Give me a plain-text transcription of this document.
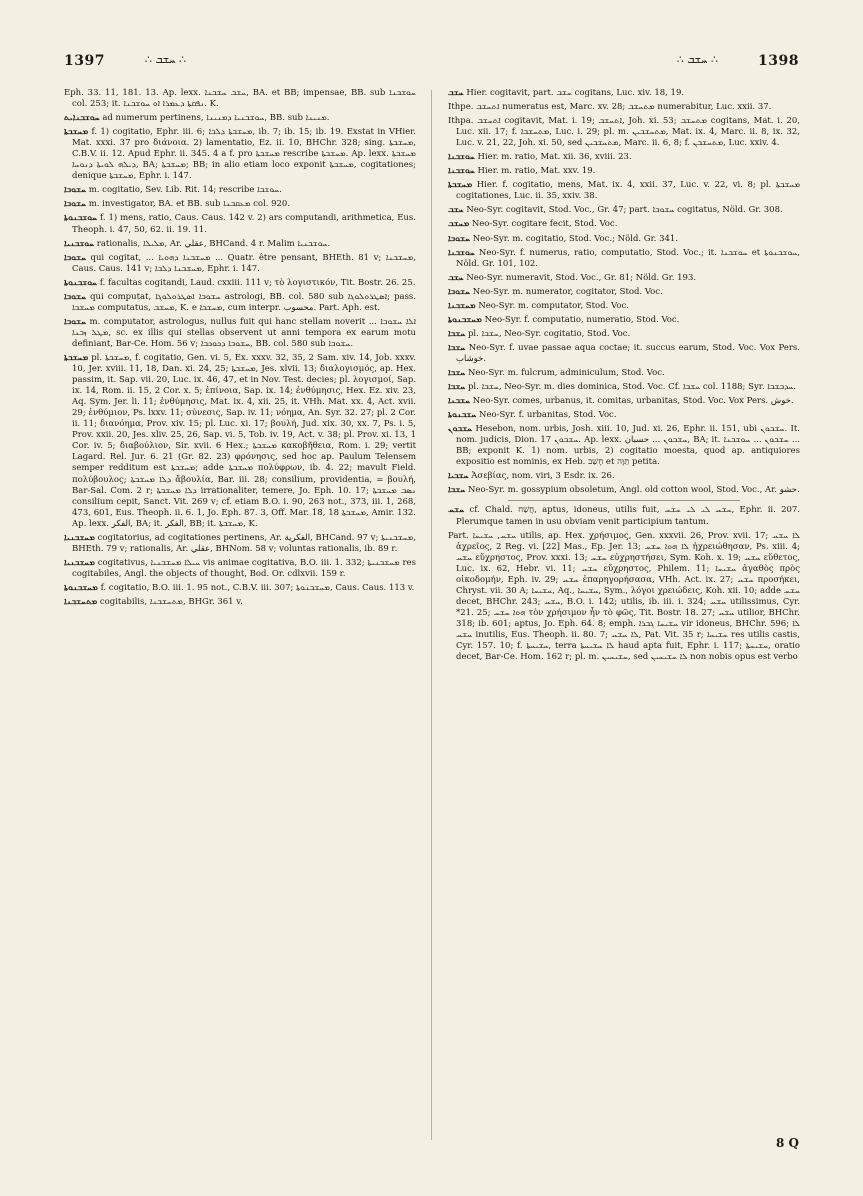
1397	∴ ܚܫܒ ∴	∴ ܚܫܒ ∴	1398

Eph. 33. 11, 181. 13. Ap. lexx. ܚܫܒ ܚܫܒܢܐ, BA. et BB; impensae, BB. sub ܚܘܫܒܢܐ col. 253; it. ܢܦܩܬܐ ܕܥܡܪܐ ܐܘ ܚܘܫܒܢܐ. K.

ܚܘܫܒܢܐܝܬ ad numerum pertinens, ܚܘܫܒܢܝܐ ܕܡܢܝܢܐ, BB. sub ܡܢܝܢܐ.

ܡܚܫܒܬܐ f. 1) cogitatio, Ephr. iii. 6; ܡܚܫܒܬܐ ܕܠܒܐ, ib. 7; ib. 15; ib. 19. Exstat in VHier. Mat. xxxi. 37 pro διάνοια. 2) lamentatio, Ez. ii. 10, BHChr. 328; sing. ܡܚܫܒܬܐ, C.B.V. ii. 12. Apud Ephr. ii. 345. 4 a f. pro ܡܚܫܒܬܐ rescribe ܡܚܫܒܬܐ. Ap. lexx. ܡܚܫܒܬܐ ܕܝܠܗ ܠܘܝܬܐ ܕܢܘܚܐ, BA; ܡܚܫܒܬܐ; BB; in alio etiam loco exponit ܡܚܫܒܬܐ, cogitationes; denique ܡܚܫܒܬܐ, Ephr. i. 147.

ܚܫܘܒܐ m. cogitatio, Sev. Lib. Rit. 14; rescribe ܚܘܫܒܐ.

ܚܫܘܒܐ m. investigator, BA. et BB. sub ܡܥܩܒܢܐ col. 920.

ܚܘܫܒܢܘܬܐ f. 1) mens, ratio, Caus. Caus. 142 v. 2) ars computandi, arithmetica, Eus. Theoph. i. 47, 50, 62. ii. 19. 11.

ܚܘܫܒܢܝܐ rationalis, ܡܠܝܠܐ, Ar. عقلي, BHCand. 4 r. Malim ܚܘܫܒܢܝܐ.

ܚܫܘܒܐ qui cogitat, ... ܡܚܫܒܢܐ ܕܗܘܝܐ ... Quatr. être pensant, BHEth. 81 v; ܡܚܫܒܢܐ, Caus. Caus. 141 v; ܡܚܫܒܢܐ ܕܠܒܐ, Ephr. i. 147.

ܚܘܫܒܢܘܬܐ f. facultas cogitandi, Laud. cxxiii. 111 v; τὸ λογιστικόν, Tit. Bostr. 26. 25.

ܚܫܘܒܐ qui computat, ܚܫܘܒܐ ܐܣܛܪܘܠܘܓܐ astrologi, BB. col. 580 sub ܐܣܛܪܘܠܘܓܐ; pass. ܡܚܫܒܐ computatus, ܡܚܫܒ, K. e ܡܚܫܒܐ, cum interpr. محسوب. Part. Aph. est.

ܚܫܘܒܐ m. computator, astrologus, nullus fuit qui hanc stellam noverit ܐܠܐ ܚܫܘܒܐ ... ܡܛܠ ܙܒܢܐ, sc. ex illis qui stellas observent ut anni tempora ex earum motu definiant, Bar-Ce. Hom. 56 v; ܚܫܘܒܐ ܕܟܘܟܒܐ, BB. col. 580 sub ܚܫܘܒܐ.

ܡܚܫܒܬܐ pl. ܡܚܫܒܬܐ, f. cogitatio, Gen. vi. 5, Ex. xxxv. 32, 35, 2 Sam. xiv. 14, Job. xxxv. 10, Jer. xviii. 11, 18, Dan. xi. 24, 25; ܡܚܫܒܬܐ, Jes. xlvii. 13; διαλογισμός, ap. Hex. passim, it. Sap. vii. 20, Luc. ix. 46, 47, et in Nov. Test. decies; pl. λογισμοί, Sap. ix. 14, Rom. ii. 15, 2 Cor. x. 5; ἐπίνοια, Sap. ix. 14; ἐνθύμησις, Hex. Ez. xiv. 23, Aq. Sym. Jer. li. 11; ἐνθύμησις, Mat. ix. 4, xii. 25, it. VHh. Mat. xx. 4, Act. xvii. 29; ἐνθύμιον, Ps. lxxv. 11; σύνεσις, Sap. iv. 11; νόημα, An. Syr. 32. 27; pl. 2 Cor. ii. 11; διανόημα, Prov. xiv. 15; pl. Luc. xi. 17; βουλή, Jud. xix. 30, xx. 7, Ps. i. 5, Prov. xxii. 20, Jes. xliv. 25, 26, Sap. vi. 5, Tob. iv. 19, Act. v. 38; pl. Prov. xi. 13, 1 Cor. iv. 5; διαβούλιον, Sir. xvii. 6 Hex.; ܡܚܫܒܬܐ κακοβῆθεια, Rom. i. 29; vertit Lagard. Rel. Jur. 6. 21 (Gr. 82. 23) φρόνησις, sed hoc ap. Paulum Telensem semper redditum est ܡܚܫܒܬܐ; adde ܡܚܫܒܬܐ πολύφρων, ib. 4. 22; mavult Field. πολύβουλος; ܕܠܐ ܡܚܫܒܬܐ ἄβουλία, Bar. iii. 28; consilium, providentia, = βουλή, Bar-Sal. Com. 2 r; ܕܠܐ ܡܚܫܒܬܐ irrationaliter, temere, Jo. Eph. 10. 17; ܢܣܒ ܡܚܫܒܬܐ consilium cepit, Sanct. Vit. 269 v; cf. etiam B.O. i. 90, 263 not., 373, iii. 1, 268, 473, 601, Eus. Theoph. ii. 6. 1, Jo. Eph. 87. 3, Off. Mar. 18, ܡܚܫܒܬܐ 18, Amir. 132. Ap. lexx. الفكر, BA; it. الفكر, BB; it. ܡܚܫܒܬܐ, K.

ܡܚܫܒܢܝܐ cogitatorius, ad cogitationes pertinens, Ar. الفكرية, BHCand. 97 v; ܡܚܫܒܢܝܬܐ, BHEth. 79 v; rationalis, Ar. عقلي, BHNom. 58 v; voluntas rationalis, ib. 89 r.

ܡܚܫܒܢܝܐ cogitativus, ܚܝܠܐ ܡܚܫܒܢܝܐ vis animae cogitativa, B.O. iii. 1. 332; ܡܚܫܒܢܝܬܐ res cogitabiles, Angl. the objects of thought, Bod. Or. cdlxvii. 159 r.

ܡܚܫܒܢܘܬܐ f. cogitatio, B.O. iii. 1. 95 not., C.B.V. iii. 307; ܡܚܫܒܢܘܬܐ, Caus. Caus. 113 v.

ܡܬܚܫܒܢܐ cogitabilis, ܡܬܚܫܒܢܐ, BHGr. 361 v.

ܚܫܒ Hier. cogitavit, part. ܚܫܒ cogitans, Luc. xiv. 18, 19.

Ithpe. ܐܬܚܫܒ numeratus est, Marc. xv. 28; ܡܬܚܫܒ numerabitur, Luc. xxii. 37.

Ithpa. ܐܬܚܫܒ cogitavit, Mat. i. 19; ܐܬܚܫܒ, Joh. xi. 53; ܡܬܚܫܒ cogitans, Mat. i. 20, Luc. xii. 17; f. ܡܬܚܫܒܐ, Luc. i. 29; pl. m. ܡܬܚܫܒܝܢ, Mat. ix. 4, Marc. ii. 8, ix. 32, Luc. v. 21, 22, Joh. xi. 50, sed ܡܬܚܫܒܝܢ, Marc. ii. 6, 8; f. ܡܬܚܫܒܢ, Luc. xxiv. 4.

ܚܘܫܒܢܐ Hier. m. ratio, Mat. xii. 36, xviii. 23.

ܚܘܫܒܢܐ Hier. m. ratio, Mat. xxv. 19.

ܡܚܫܒܬܐ Hier. f. cogitatio, mens, Mat. ix. 4, xxii. 37, Luc. v. 22, vi. 8; pl. ܡܚܫܒܬܐ cogitationes, Luc. ii. 35, xxiv. 38.

ܚܫܒ Neo-Syr. cogitavit, Stod. Voc., Gr. 47; part. ܚܫܘܒܐ cogitatus, Nöld. Gr. 308.

ܡܚܫܒ Neo-Syr. cogitare fecit, Stod. Voc.

ܚܫܘܒܐ Neo-Syr. m. cogitatio, Stod. Voc.; Nöld. Gr. 341.

ܚܘܫܒܢܐ Neo-Syr. f. numerus, ratio, computatio, Stod. Voc.; it. ܚܘܫܒܢܐ et ܚܘܫܒܢܘܬܐ, Nöld. Gr. 101, 102.

ܚܫܒ Neo-Syr. numeravit, Stod. Voc., Gr. 81; Nöld. Gr. 193.

ܚܫܘܒܐ Neo-Syr. m. numerator, cogitator, Stod. Voc.

ܡܚܫܒܢܐ Neo-Syr. m. computator, Stod. Voc.

ܡܚܫܒܢܘܬܐ Neo-Syr. f. computatio, numeratio, Stod. Voc.

ܚܫܒܐ pl. ܚܫܒܐ, Neo-Syr. cogitatio, Stod. Voc.

ܚܫܒܐ Neo-Syr. f. uvae passae aqua coctae; it. succus earum, Stod. Voc. Vox Pers. خوشاب.

ܚܫܒܐ Neo-Syr. m. fulcrum, adminiculum, Stod. Voc.

ܚܫܒܐ pl. ܚܫܒܐ, Neo-Syr. m. dies dominica, Stod. Voc. Cf. ܚܫܒܐ col. 1188; Syr. ܚܕܒܫܒܐ.

ܚܫܒܢܐ Neo-Syr. comes, urbanus, it. comitas, urbanitas, Stod. Voc. Vox Pers. خوش.

ܚܫܒܢܘܬܐ Neo-Syr. f. urbanitas, Stod. Voc.

ܚܫܒܘܢ Hesebon, nom. urbis, Josh. xiii. 10, Jud. xi. 26, Ephr. ii. 151, ubi ܚܫܒܘܢ. It. nom. judicis, Dion. ܚܫܒܘܢ 17. Ap. lexx. ܚܫܒܘܢ ... حسبان, BA; it. ܚܫܒܘܢ ... ܚܘܫܒܢܐ ... BB; exponit K. 1) nom. urbis, 2) cogitatio moesta, quod ap. antiquiores expositio est nominis, ex Heb. חָשַׁב et תַּוָּה petita.

ܚܫܒܝܐ Ἀσεβίας, nom. viri, 3 Esdr. ix. 26.

ܚܫܒܐ Neo-Syr. m. gossypium obsoletum, Angl. old cotton wool, Stod. Voc., Ar. حشو.

ܚܫܚ cf. Chald. חֲשַׁח, aptus, idoneus, utilis fuit, ܚܫܚ ܠܝ ܠܝ ܚܫܚ, Ephr. ii. 207. Plerumque tamen in usu obviam venit participium tantum.

Part. ܚܫܚ, ܚܫܝܚܐ utilis, ap. Hex. χρήσιμος, Gen. xxxvii. 26, Prov. xvii. 17; ܠܐ ܚܫܚ ἀχρεῖος, 2 Reg. vi. [22] Mas., Ep. Jer. 13; ܠܐ ܗܘܐ ܚܫܚ ἠχρειώθησαν, Ps. xiii. 4; ܚܫܚ εὔχρηστος, Prov. xxxi. 13; ܚܫܚ εὐχρηστήσει, Sym. Koh. x. 19; ܚܫܚ εὔθετος, Luc. ix. 62, Hebr. vi. 11; ܚܫܚ εὔχρηστος, Philem. 11; ܚܫܝܚܐ ἀγαθὸς πρὸς οἰκοδομήν, Eph. iv. 29; ܚܫܚ ἐπαρηγορήσασα, VHh. Act. ix. 27; ܚܫܚ προσήκει, Chryst. vii. 30 A; ܚܫܝܚܐ, Aq., ܚܫܝܚܐ, Sym., λόγοι χρειώδεις, Koh. xii. 10; adde ܚܫܚ decet, BHChr. 243; ܚܫܚ, B.O. i. 142; utilis, ib. iii. i. 324; ܚܫܚ utilissimus, Cyr. *21. 25; ܗܘܐ ܚܫܚ τὸν χρήσιμον ἦν τὸ φῶς, Tit. Bostr. 18. 27; ܚܫܚ utilior, BHChr. 318; ib. 601; aptus, Jo. Eph. 64. 8; emph. ܚܫܝܚܐ ܓܒܪܐ vir idoneus, BHChr. 596; ܠܐ ܚܫܚ inutilis, Eus. Theoph. ii. 80. 7; ܠܐ ܚܫܚ, Pat. Vit. 35 r; ܚܫܝܚܐ res utilis castis, Cyr. 157. 10; f. ܚܫܝܚܬܐ, terra ܠܐ ܚܫܝܚܬܐ haud apta fuit, Ephr. i. 117; ܚܫܝܚܬܐ, oratio decet, Bar-Ce. Hom. 162 r; pl. m. ܚܫܝܚܝܢ, sed ܠܐ ܚܫܝܚܝܢ non nobis opus est verbo

8 Q
